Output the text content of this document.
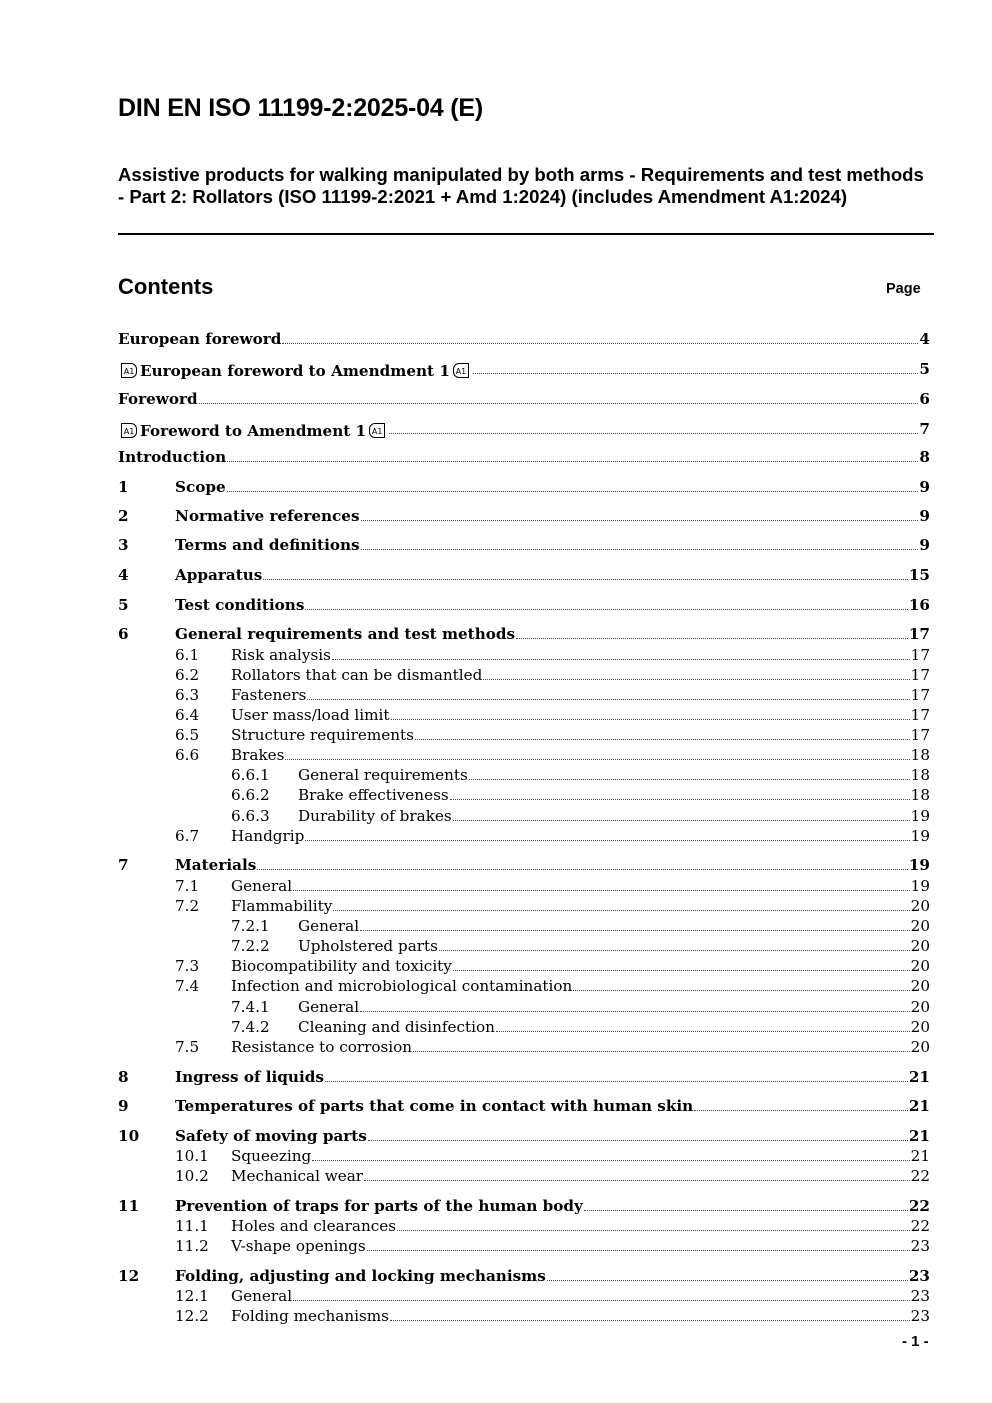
DIN EN ISO 11199-2:2025-04 (E)
Assistive products for walking manipulated by both arms - Requirements and test methods - Part 2: Rollators (ISO 11199-2:2021 + Amd 1:2024) (includes Amendment A1:2024)
Contents	Page
European foreword	4
A1 European foreword to Amendment 1 A1	5
Foreword	6
A1 Foreword to Amendment 1 A1	7
Introduction	8
1	Scope	9
2	Normative references	9
3	Terms and definitions	9
4	Apparatus	15
5	Test conditions	16
6	General requirements and test methods	17
6.1 Risk analysis	17
6.2 Rollators that can be dismantled	17
6.3 Fasteners	17
6.4 User mass/load limit	17
6.5 Structure requirements	17
6.6 Brakes	18
6.6.1 General requirements	18
6.6.2 Brake effectiveness	18
6.6.3 Durability of brakes	19
6.7 Handgrip	19
7	Materials	19
7.1 General	19
7.2 Flammability	20
7.2.1 General	20
7.2.2 Upholstered parts	20
7.3 Biocompatibility and toxicity	20
7.4 Infection and microbiological contamination	20
7.4.1 General	20
7.4.2 Cleaning and disinfection	20
7.5 Resistance to corrosion	20
8	Ingress of liquids	21
9	Temperatures of parts that come in contact with human skin	21
10 Safety of moving parts	21
10.1 Squeezing	21
10.2 Mechanical wear	22
11 Prevention of traps for parts of the human body	22
11.1 Holes and clearances	22
11.2 V-shape openings	23
12 Folding, adjusting and locking mechanisms	23
12.1 General	23
12.2 Folding mechanisms	23
- 1 -
